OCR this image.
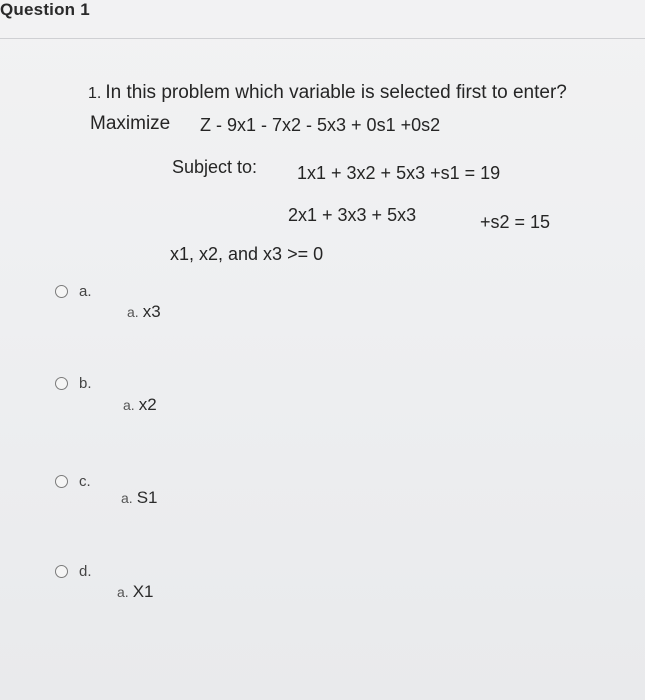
Question 1
1. In this problem which variable is selected first to enter?
Maximize Z - 9x1 - 7x2 - 5x3 + 0s1 +0s2
Subject to: 1x1 + 3x2 + 5x3 +s1 = 19
2x1 + 3x3 + 5x3	+s2 = 15
x1, x2, and x3 >= 0
a.
a. x3
b.
a. x2
c.
a. S1
d.
a. X1
